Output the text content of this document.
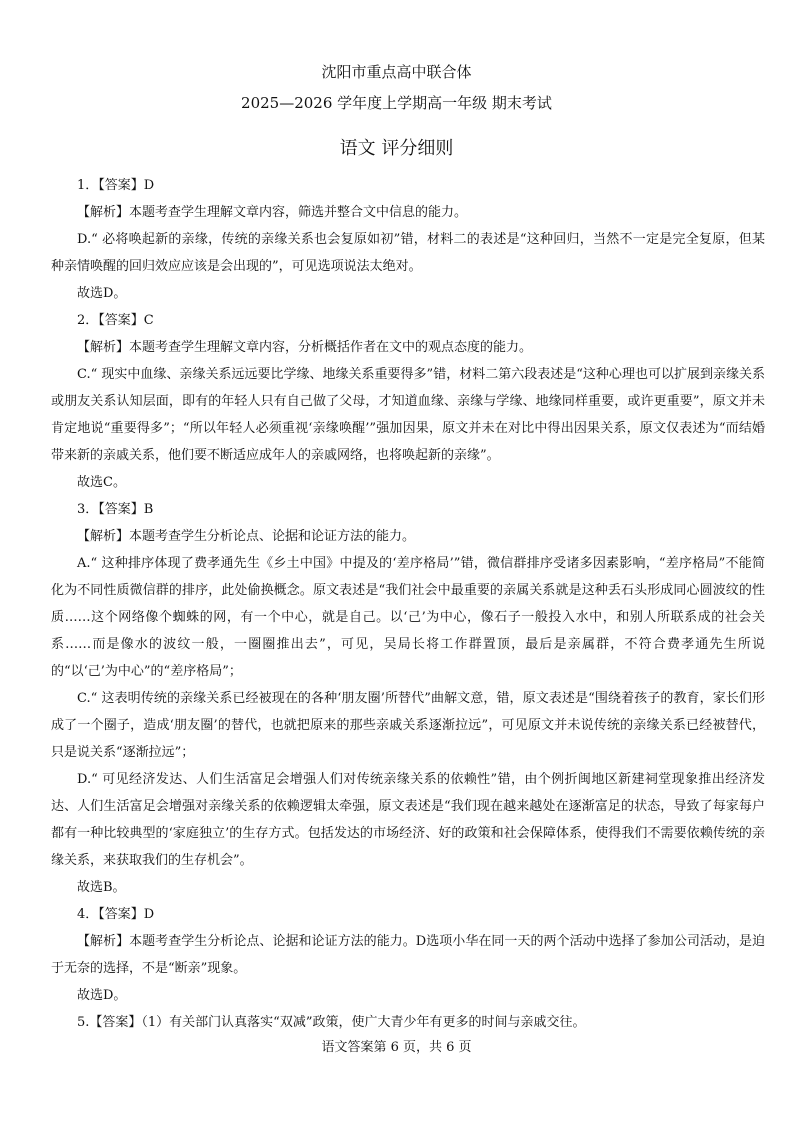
沈阳市重点高中联合体
2025—2026 学年度上学期高一年级 期末考试
语文 评分细则

1．【答案】D

【解析】本题考查学生理解文章内容，筛选并整合文中信息的能力。

D.“ 必将唤起新的亲缘，传统的亲缘关系也会复原如初”错，材料二的表述是“这种回归，当然不一定是完全复原，但某种亲情唤醒的回归效应应该是会出现的”，可见选项说法太绝对。

故选D。

2．【答案】C

【解析】本题考查学生理解文章内容，分析概括作者在文中的观点态度的能力。

C.“ 现实中血缘、亲缘关系远远要比学缘、地缘关系重要得多”错，材料二第六段表述是“这种心理也可以扩展到亲缘关系或朋友关系认知层面，即有的年轻人只有自己做了父母，才知道血缘、亲缘与学缘、地缘同样重要，或许更重要”，原文并未肯定地说“重要得多”；“所以年轻人必须重视‘亲缘唤醒’”强加因果，原文并未在对比中得出因果关系，原文仅表述为“而结婚带来新的亲戚关系，他们要不断适应成年人的亲戚网络，也将唤起新的亲缘”。

故选C。

3．【答案】B

【解析】本题考查学生分析论点、论据和论证方法的能力。

A.“ 这种排序体现了费孝通先生《乡土中国》中提及的‘差序格局’”错，微信群排序受诸多因素影响，“差序格局”不能简化为不同性质微信群的排序，此处偷换概念。原文表述是“我们社会中最重要的亲属关系就是这种丢石头形成同心圆波纹的性质……这个网络像个蜘蛛的网，有一个中心，就是自己。以‘己’为中心，像石子一般投入水中，和别人所联系成的社会关系……而是像水的波纹一般，一圈圈推出去”，可见，吴局长将工作群置顶，最后是亲属群，不符合费孝通先生所说的“以‘己’为中心”的“差序格局”；

C.“ 这表明传统的亲缘关系已经被现在的各种‘朋友圈’所替代”曲解文意，错，原文表述是“围绕着孩子的教育，家长们形成了一个圈子，造成‘朋友圈’的替代，也就把原来的那些亲戚关系逐渐拉远”，可见原文并未说传统的亲缘关系已经被替代，只是说关系“逐渐拉远”；

D.“ 可见经济发达、人们生活富足会增强人们对传统亲缘关系的依赖性”错，由个例折闽地区新建祠堂现象推出经济发达、人们生活富足会增强对亲缘关系的依赖逻辑太牵强，原文表述是“我们现在越来越处在逐渐富足的状态，导致了每家每户都有一种比较典型的‘家庭独立’的生存方式。包括发达的市场经济、好的政策和社会保障体系，使得我们不需要依赖传统的亲缘关系，来获取我们的生存机会”。

故选B。

4．【答案】D

【解析】本题考查学生分析论点、论据和论证方法的能力。D选项小华在同一天的两个活动中选择了参加公司活动，是迫于无奈的选择，不是“断亲”现象。

故选D。

5.【答案】（1）有关部门认真落实“双减”政策，使广大青少年有更多的时间与亲戚交往。

语文答案第 6 页，共 6 页
